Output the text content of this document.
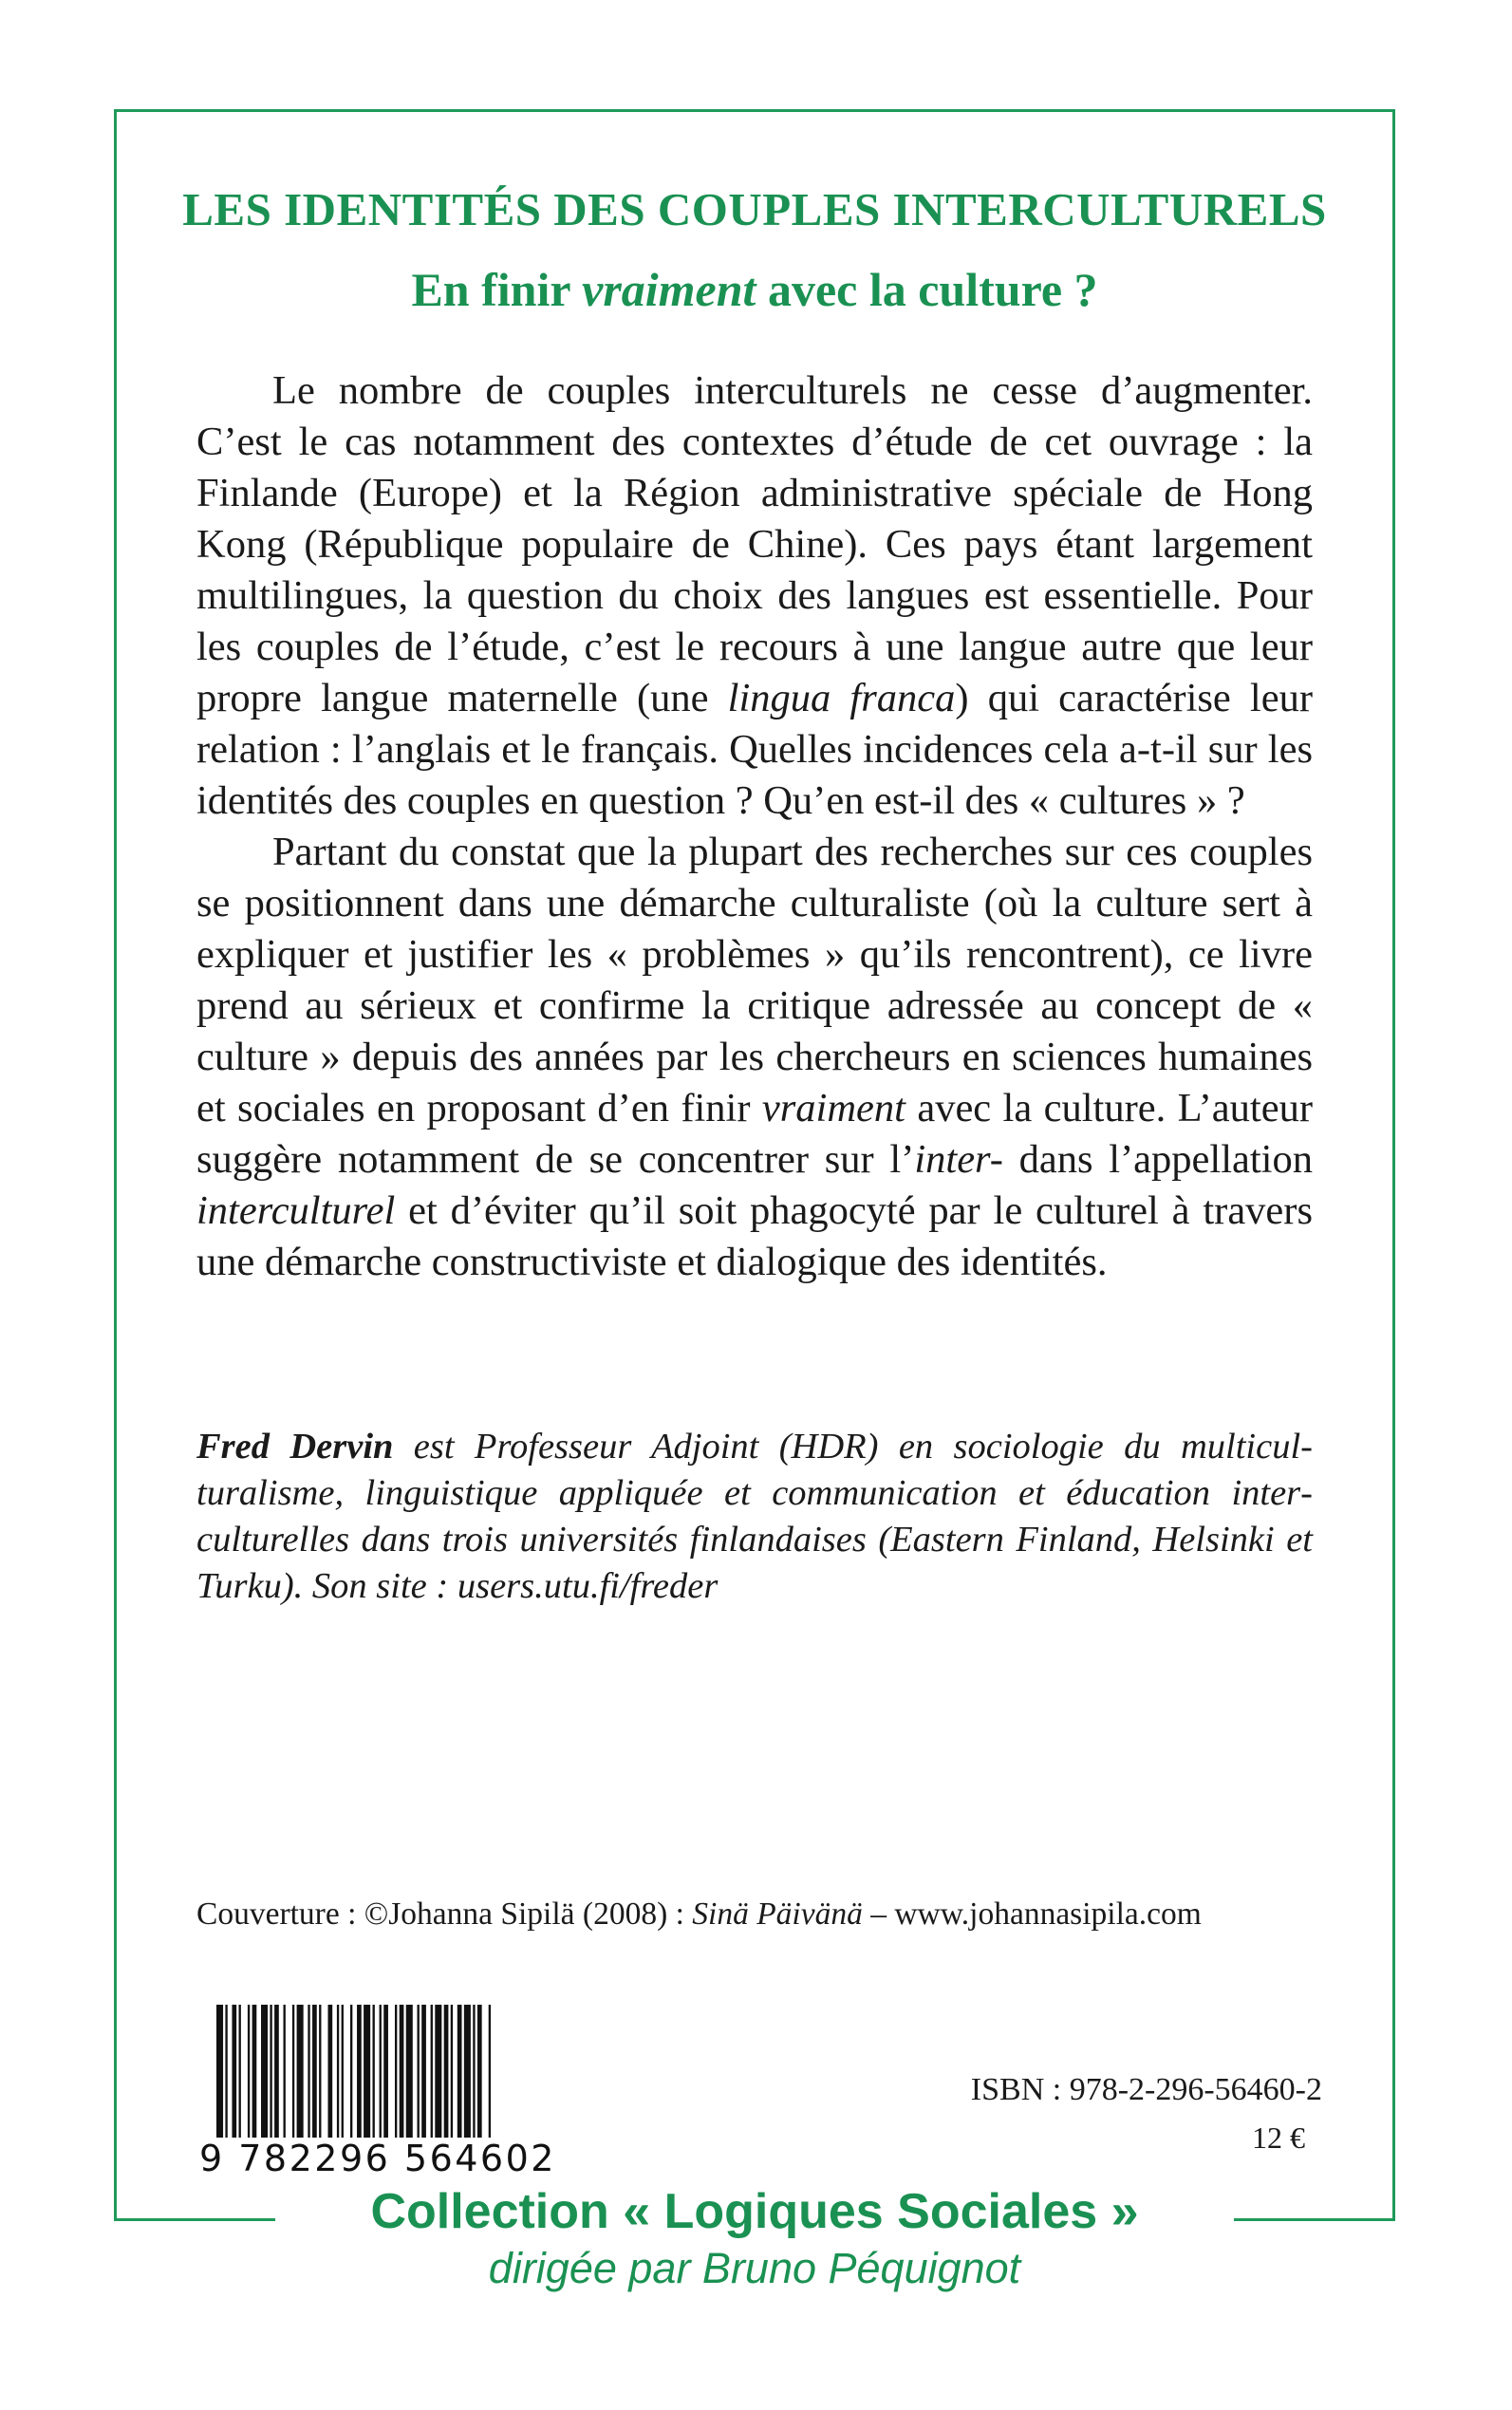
LES IDENTITÉS DES COUPLES INTERCULTURELS
En finir vraiment avec la culture ?

Le nombre de couples interculturels ne cesse d’augmenter. C’est le cas notamment des contextes d’étude de cet ouvrage : la Finlande (Europe) et la Région administrative spéciale de Hong Kong (République populaire de Chine). Ces pays étant largement multilingues, la question du choix des langues est essentielle. Pour les couples de l’étude, c’est le recours à une langue autre que leur propre langue maternelle (une lingua franca) qui caractérise leur relation : l’anglais et le français. Quelles incidences cela a-t-il sur les identités des couples en question ? Qu’en est-il des « cultures » ?

Partant du constat que la plupart des recherches sur ces couples se positionnent dans une démarche culturaliste (où la culture sert à expliquer et justifier les « problèmes » qu’ils rencontrent), ce livre prend au sérieux et confirme la critique adressée au concept de « culture » depuis des années par les chercheurs en sciences humaines et sociales en proposant d’en finir vraiment avec la culture. L’auteur suggère notamment de se concentrer sur l’inter- dans l’appellation interculturel et d’éviter qu’il soit phagocyté par le culturel à travers une démarche constructiviste et dialogique des identités.

Fred Dervin est Professeur Adjoint (HDR) en sociologie du multiculturalisme, linguistique appliquée et communication et éducation interculturelles dans trois universités finlandaises (Eastern Finland, Helsinki et Turku). Son site : users.utu.fi/freder
Couverture : ©Johanna Sipilä (2008) : Sinä Päivänä – www.johannasipila.com
9 782296 564602
ISBN : 978-2-296-56460-2
12 €
Collection « Logiques Sociales »
dirigée par Bruno Péquignot
